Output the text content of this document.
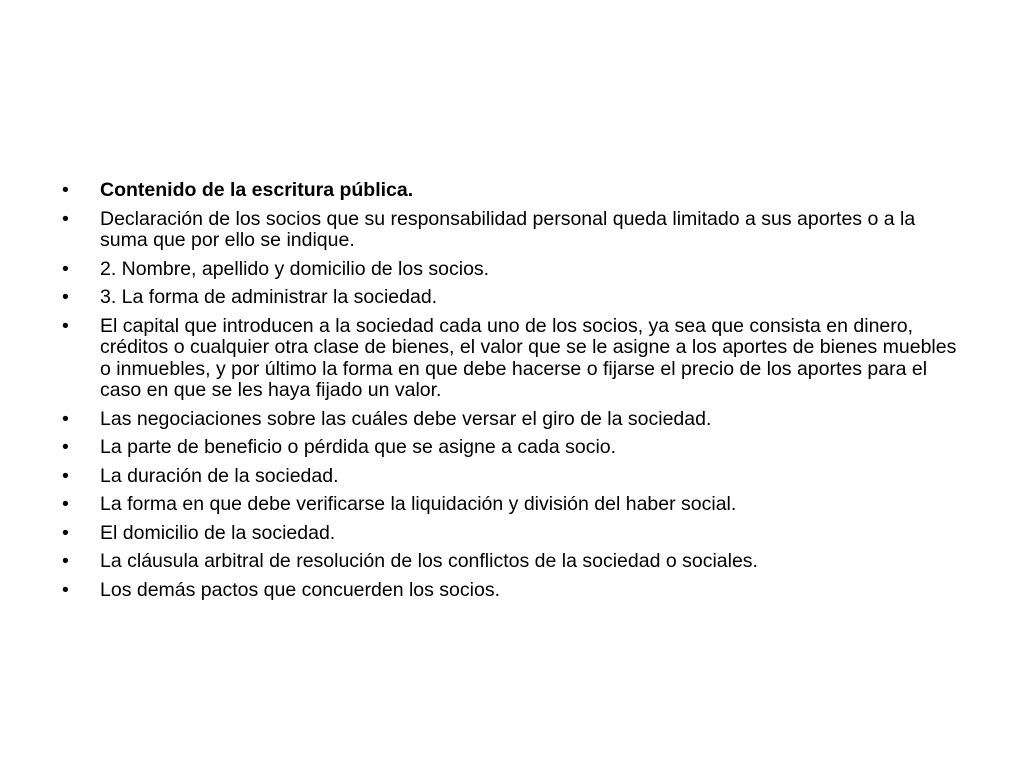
•	Contenido de la escritura pública.
•	Declaración de los socios que su responsabilidad personal queda limitado a sus aportes o a la suma que por ello se indique.
•	2. Nombre, apellido y domicilio de los socios.
•	3. La forma de administrar la sociedad.
•	El capital que introducen a la sociedad cada uno de los socios, ya sea que consista en dinero, créditos o cualquier otra clase de bienes, el valor que se le asigne a los aportes de bienes muebles o inmuebles, y por último la forma en que debe hacerse o fijarse el precio de los aportes para el caso en que se les haya fijado un valor.
•	Las negociaciones sobre las cuáles debe versar el giro de la sociedad.
•	La parte de beneficio o pérdida que se asigne a cada socio.
•	La duración de la sociedad.
•	La forma en que debe verificarse la liquidación y división del haber social.
•	El domicilio de la sociedad.
•	La cláusula arbitral de resolución de los conflictos de la sociedad o sociales.
•	Los demás pactos que concuerden los socios.
